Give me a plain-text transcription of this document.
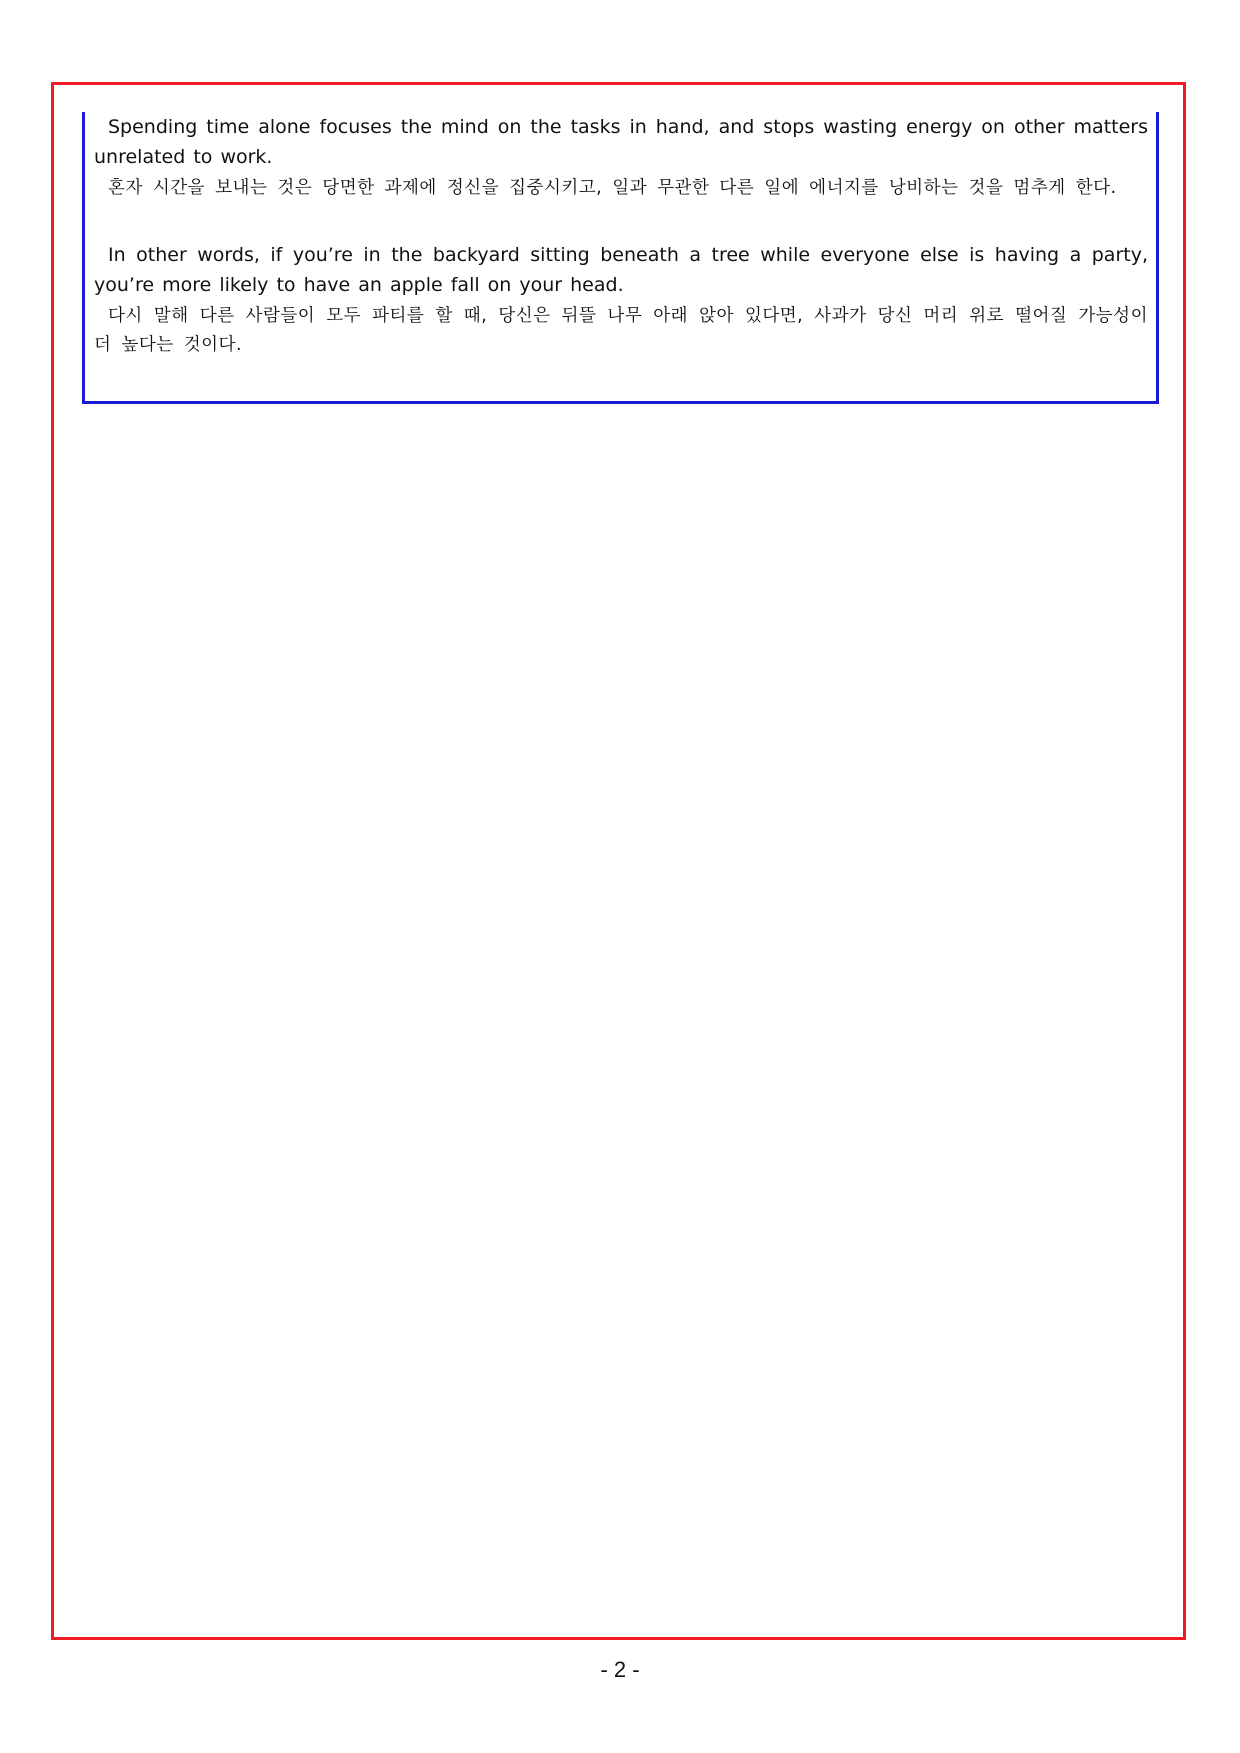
Spending time alone focuses the mind on the tasks in hand, and stops wasting energy on other matters unrelated to work.

혼자 시간을 보내는 것은 당면한 과제에 정신을 집중시키고, 일과 무관한 다른 일에 에너지를 낭비하는 것을 멈추게 한다.

In other words, if you’re in the backyard sitting beneath a tree while everyone else is having a party, you’re more likely to have an apple fall on your head.

다시 말해 다른 사람들이 모두 파티를 할 때, 당신은 뒤뜰 나무 아래 앉아 있다면, 사과가 당신 머리 위로 떨어질 가능성이 더 높다는 것이다.

- 2 -
